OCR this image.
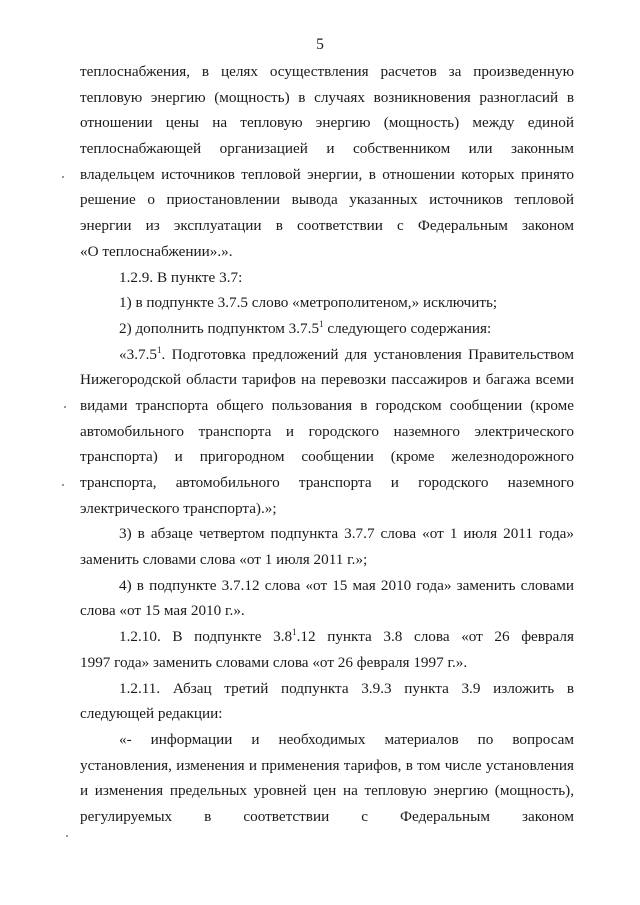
5
теплоснабжения, в целях осуществления расчетов за произведенную
тепловую энергию (мощность) в случаях возникновения разногласий в
отношении цены на тепловую энергию (мощность) между единой
теплоснабжающей организацией и собственником или законным
владельцем источников тепловой энергии, в отношении которых принято
решение о приостановлении вывода указанных источников тепловой
энергии из эксплуатации в соответствии с Федеральным законом
«О теплоснабжении».».
1.2.9. В пункте 3.7:
1) в подпункте 3.7.5 слово «метрополитеном,» исключить;
2) дополнить подпунктом 3.7.5$^1$ следующего содержания:
«3.7.5$^1$. Подготовка предложений для установления Правительством
Нижегородской области тарифов на перевозки пассажиров и багажа всеми
видами транспорта общего пользования в городском сообщении (кроме
автомобильного транспорта и городского наземного электрического
транспорта) и пригородном сообщении (кроме железнодорожного
транспорта, автомобильного транспорта и городского наземного
электрического транспорта).»;
3) в абзаце четвертом подпункта 3.7.7 слова «от 1 июля 2011 года»
заменить словами слова «от 1 июля 2011 г.»;
4) в подпункте 3.7.12 слова «от 15 мая 2010 года» заменить словами
слова «от 15 мая 2010 г.».
1.2.10. В подпункте $3.8^1.12$ пункта 3.8 слова «от 26 февраля
1997 года» заменить словами слова «от 26 февраля 1997 г.».
1.2.11. Абзац третий подпункта 3.9.3 пункта 3.9 изложить в
следующей редакции:
«- информации и необходимых материалов по вопросам
установления, изменения и применения тарифов, в том числе установления
и изменения предельных уровней цен на тепловую энергию (мощность),
регулируемых в соответствии с Федеральным законом
